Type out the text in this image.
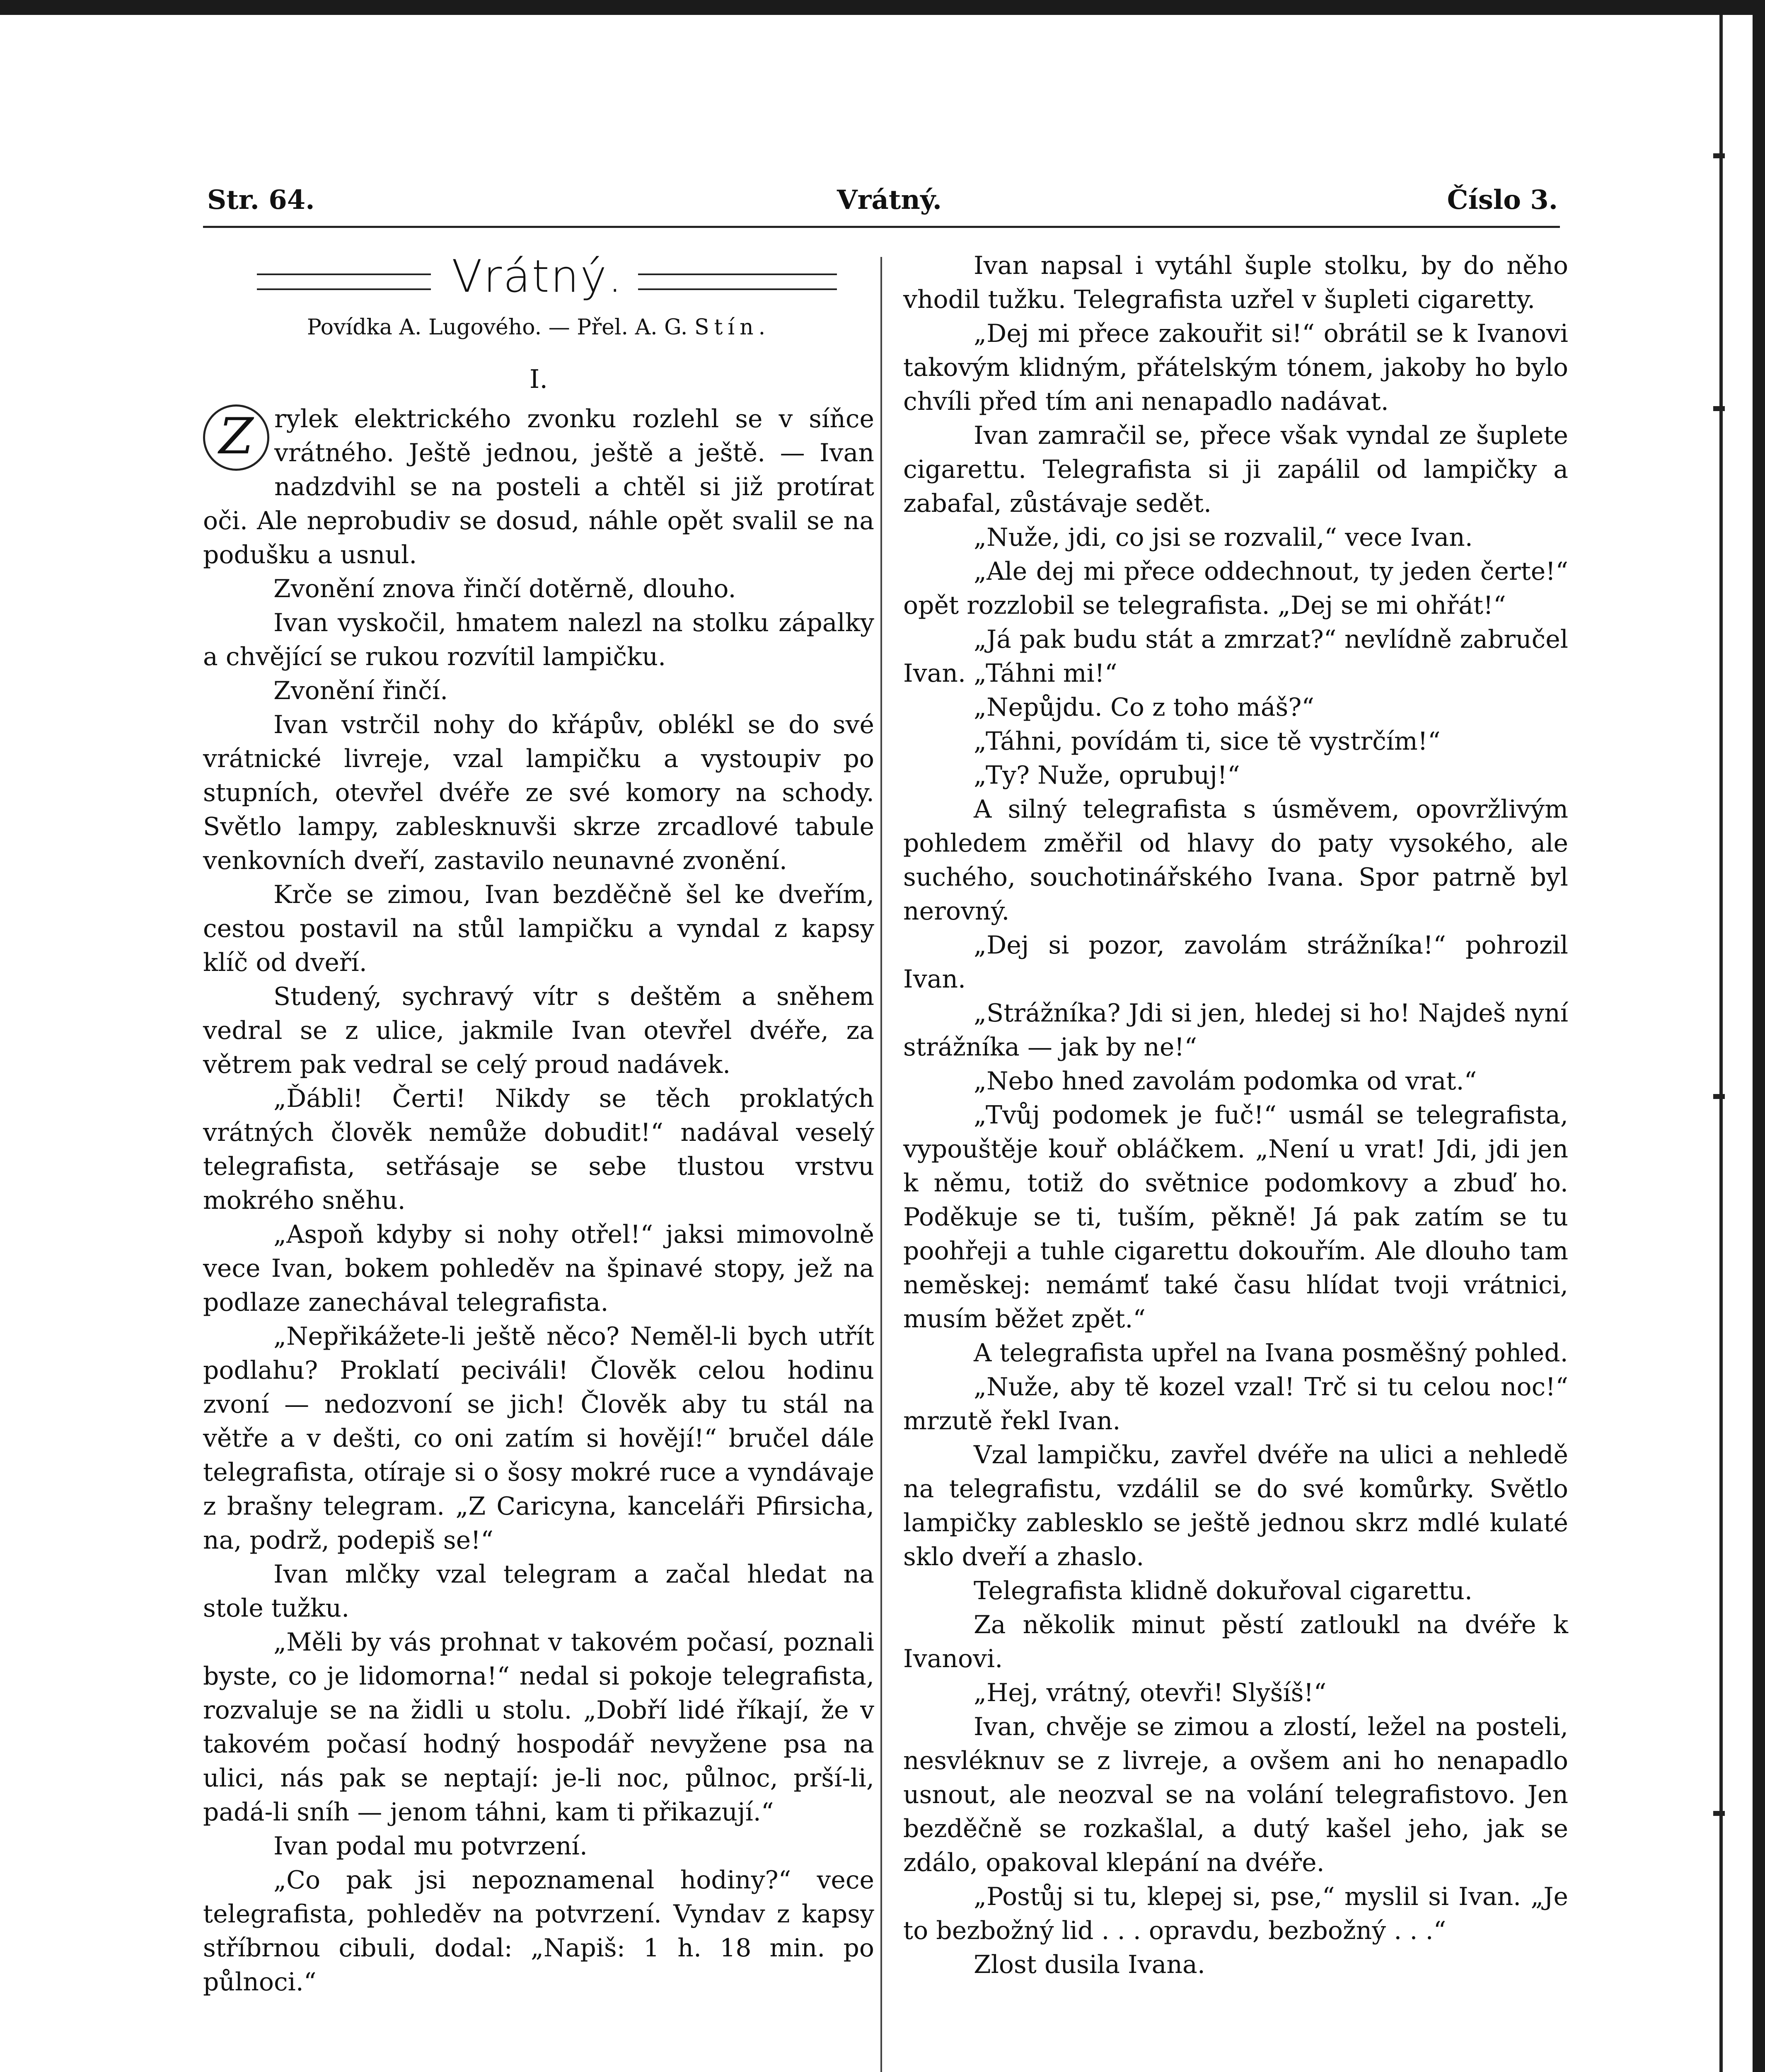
Str. 64.	Vrátný.	Číslo 3.
Vrátný.
Povídka A. Lugového. — Přel. A. G. Stín.
I.

Z rylek elektrického zvonku rozlehl se v síňce vrátného. Ještě jednou, ještě a ještě. — Ivan nadzdvihl se na posteli a chtěl si již protírat oči. Ale neprobudiv se dosud, náhle opět svalil se na podušku a usnul.

Zvonění znova řinčí dotěrně, dlouho.

Ivan vyskočil, hmatem nalezl na stolku zápalky a chvějící se rukou rozvítil lampičku.

Zvonění řinčí.

Ivan vstrčil nohy do křápův, oblékl se do své vrátnické livreje, vzal lampičku a vystoupiv po stupních, otevřel dvéře ze své komory na schody. Světlo lampy, zablesknuvši skrze zrcadlové tabule venkovních dveří, zastavilo neunavné zvonění.

Krče se zimou, Ivan bezděčně šel ke dveřím, cestou postavil na stůl lampičku a vyndal z kapsy klíč od dveří.

Studený, sychravý vítr s deštěm a sněhem vedral se z ulice, jakmile Ivan otevřel dvéře, za větrem pak vedral se celý proud nadávek.

„Ďábli! Čerti! Nikdy se těch proklatých vrátných člověk nemůže dobudit!“ nadával veselý telegrafista, setřásaje se sebe tlustou vrstvu mokrého sněhu.

„Aspoň kdyby si nohy otřel!“ jaksi mimovolně vece Ivan, bokem pohleděv na špinavé stopy, jež na podlaze zanechával telegrafista.

„Nepřikážete-li ještě něco? Neměl-li bych utřít podlahu? Proklatí peciváli! Člověk celou hodinu zvoní — nedozvoní se jich! Člověk aby tu stál na větře a v dešti, co oni zatím si hovějí!“ bručel dále telegrafista, otíraje si o šosy mokré ruce a vyndávaje z brašny telegram. „Z Caricyna, kanceláři Pfirsicha, na, podrž, podepiš se!“

Ivan mlčky vzal telegram a začal hledat na stole tužku.

„Měli by vás prohnat v takovém počasí, poznali byste, co je lidomorna!“ nedal si pokoje telegrafista, rozvaluje se na židli u stolu. „Dobří lidé říkají, že v takovém počasí hodný hospodář nevyžene psa na ulici, nás pak se neptají: je-li noc, půlnoc, prší-li, padá-li sníh — jenom táhni, kam ti přikazují.“

Ivan podal mu potvrzení.

„Co pak jsi nepoznamenal hodiny?“ vece telegrafista, pohleděv na potvrzení. Vyndav z kapsy stříbrnou cibuli, dodal: „Napiš: 1 h. 18 min. po půlnoci.“

Ivan napsal i vytáhl šuple stolku, by do něho vhodil tužku. Telegrafista uzřel v šupleti cigaretty.

„Dej mi přece zakouřit si!“ obrátil se k Ivanovi takovým klidným, přátelským tónem, jakoby ho bylo chvíli před tím ani nenapadlo nadávat.

Ivan zamračil se, přece však vyndal ze šuplete cigarettu. Telegrafista si ji zapálil od lampičky a zabafal, zůstávaje sedět.

„Nuže, jdi, co jsi se rozvalil,“ vece Ivan.

„Ale dej mi přece oddechnout, ty jeden čerte!“ opět rozzlobil se telegrafista. „Dej se mi ohřát!“

„Já pak budu stát a zmrzat?“ nevlídně zabručel Ivan. „Táhni mi!“

„Nepůjdu. Co z toho máš?“

„Táhni, povídám ti, sice tě vystrčím!“

„Ty? Nuže, oprubuj!“

A silný telegrafista s úsměvem, opovržlivým pohledem změřil od hlavy do paty vysokého, ale suchého, souchotinářského Ivana. Spor patrně byl nerovný.

„Dej si pozor, zavolám strážníka!“ pohrozil Ivan.

„Strážníka? Jdi si jen, hledej si ho! Najdeš nyní strážníka — jak by ne!“

„Nebo hned zavolám podomka od vrat.“

„Tvůj podomek je fuč!“ usmál se telegrafista, vypouštěje kouř obláčkem. „Není u vrat! Jdi, jdi jen k němu, totiž do světnice podomkovy a zbuď ho. Poděkuje se ti, tuším, pěkně! Já pak zatím se tu poohřeji a tuhle cigarettu dokouřím. Ale dlouho tam neměskej: nemámť také času hlídat tvoji vrátnici, musím běžet zpět.“

A telegrafista upřel na Ivana posměšný pohled.

„Nuže, aby tě kozel vzal! Trč si tu celou noc!“ mrzutě řekl Ivan.

Vzal lampičku, zavřel dvéře na ulici a nehledě na telegrafistu, vzdálil se do své komůrky. Světlo lampičky zablesklo se ještě jednou skrz mdlé kulaté sklo dveří a zhaslo.

Telegrafista klidně dokuřoval cigarettu.

Za několik minut pěstí zatloukl na dvéře k Ivanovi.

„Hej, vrátný, otevři! Slyšíš!“

Ivan, chvěje se zimou a zlostí, ležel na posteli, nesvléknuv se z livreje, a ovšem ani ho nenapadlo usnout, ale neozval se na volání telegrafistovo. Jen bezděčně se rozkašlal, a dutý kašel jeho, jak se zdálo, opakoval klepání na dvéře.

„Postůj si tu, klepej si, pse,“ myslil si Ivan. „Je to bezbožný lid . . . opravdu, bezbožný . . .“

Zlost dusila Ivana.
